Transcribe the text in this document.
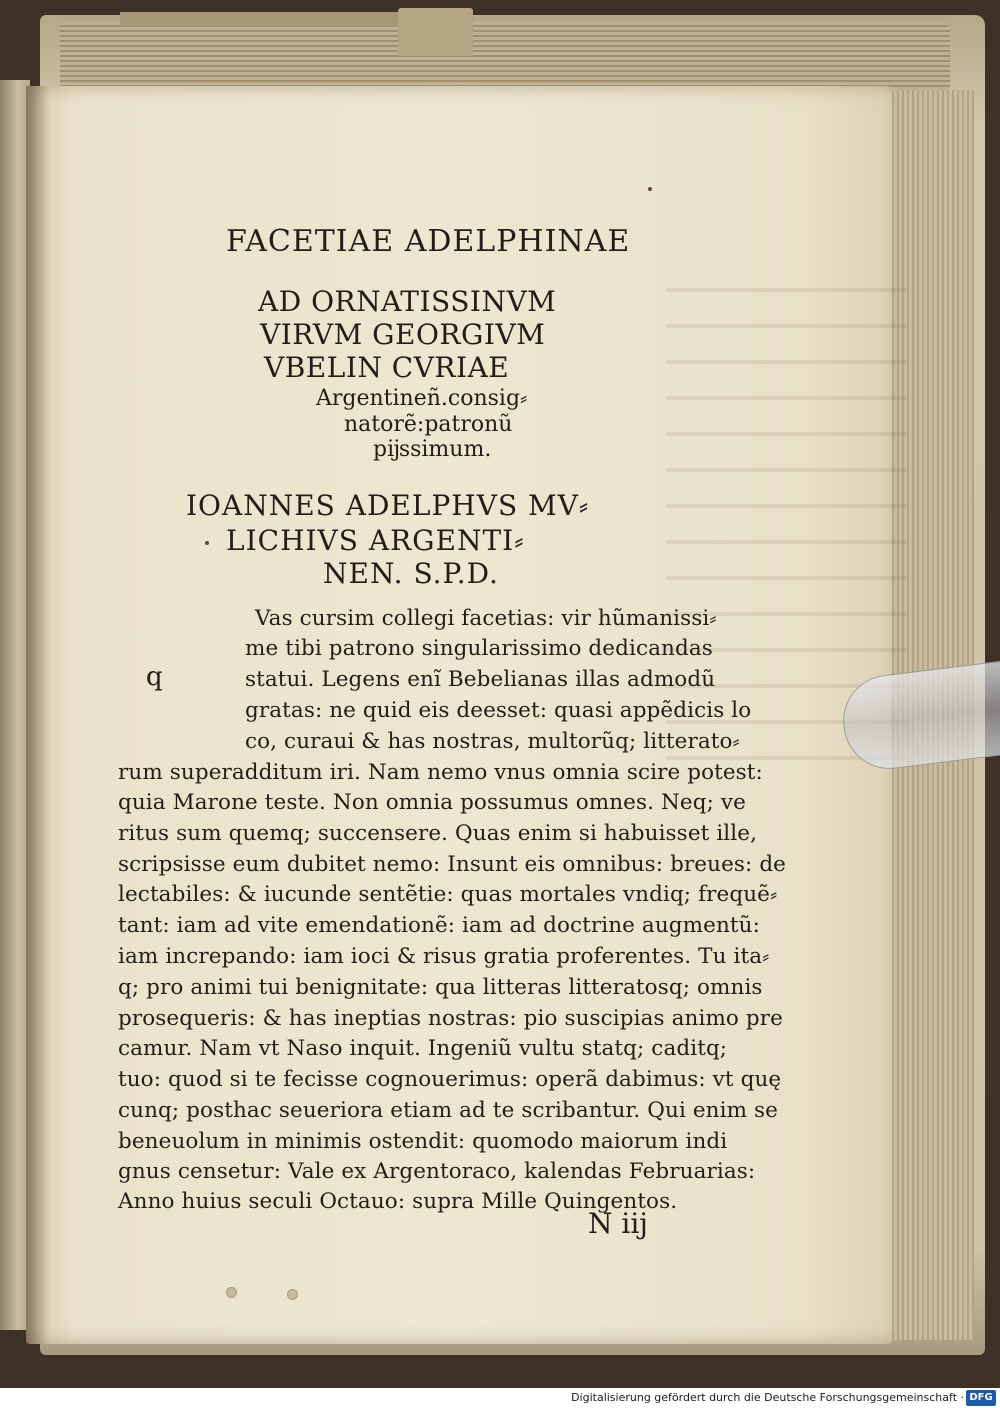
FACETIAE ADELPHINAE
AD ORNATISSINVM
VIRVM GEORGIVM
VBELIN CVRIAE
Argentineñ.consig⸗
natorẽ:patronũ
pĳssimum.
IOANNES ADELPHVS MV⸗
LICHIVS ARGENTI⸗
NEN. S.P.D.
q
Vas cursim collegi facetias: vir hũmanissi⸗
me tibi patrono singularissimo dedicandas
statui. Legens enĩ Bebelianas illas admodũ
gratas: ne quid eis deesset: quasi appẽdicis lo
co, curaui & has nostras, multorũq; litterato⸗
rum superadditum iri. Nam nemo vnus omnia scire potest:
quia Marone teste. Non omnia possumus omnes. Neq; ve
ritus sum quemq; succensere. Quas enim si habuisset ille,
scripsisse eum dubitet nemo: Insunt eis omnibus: breues: de
lectabiles: & iucunde sentẽtie: quas mortales vndiq; frequẽ⸗
tant: iam ad vite emendationẽ: iam ad doctrine augmentũ:
iam increpando: iam ioci & risus gratia proferentes. Tu ita⸗
q; pro animi tui benignitate: qua litteras litteratosq; omnis
prosequeris: & has ineptias nostras: pio suscipias animo pre
camur. Nam vt Naso inquit. Ingeniũ vultu statq; caditq;
tuo: quod si te fecisse cognouerimus: operã dabimus: vt quę
cunq; posthac seueriora etiam ad te scribantur. Qui enim se
beneuolum in minimis ostendit: quomodo maiorum indi
gnus censetur: Vale ex Argentoraco, kalendas Februarias:
Anno huius seculi Octauo: supra Mille Quingentos.
N iij
Digitalisierung gefördert durch die Deutsche Forschungsgemeinschaft · DFG
